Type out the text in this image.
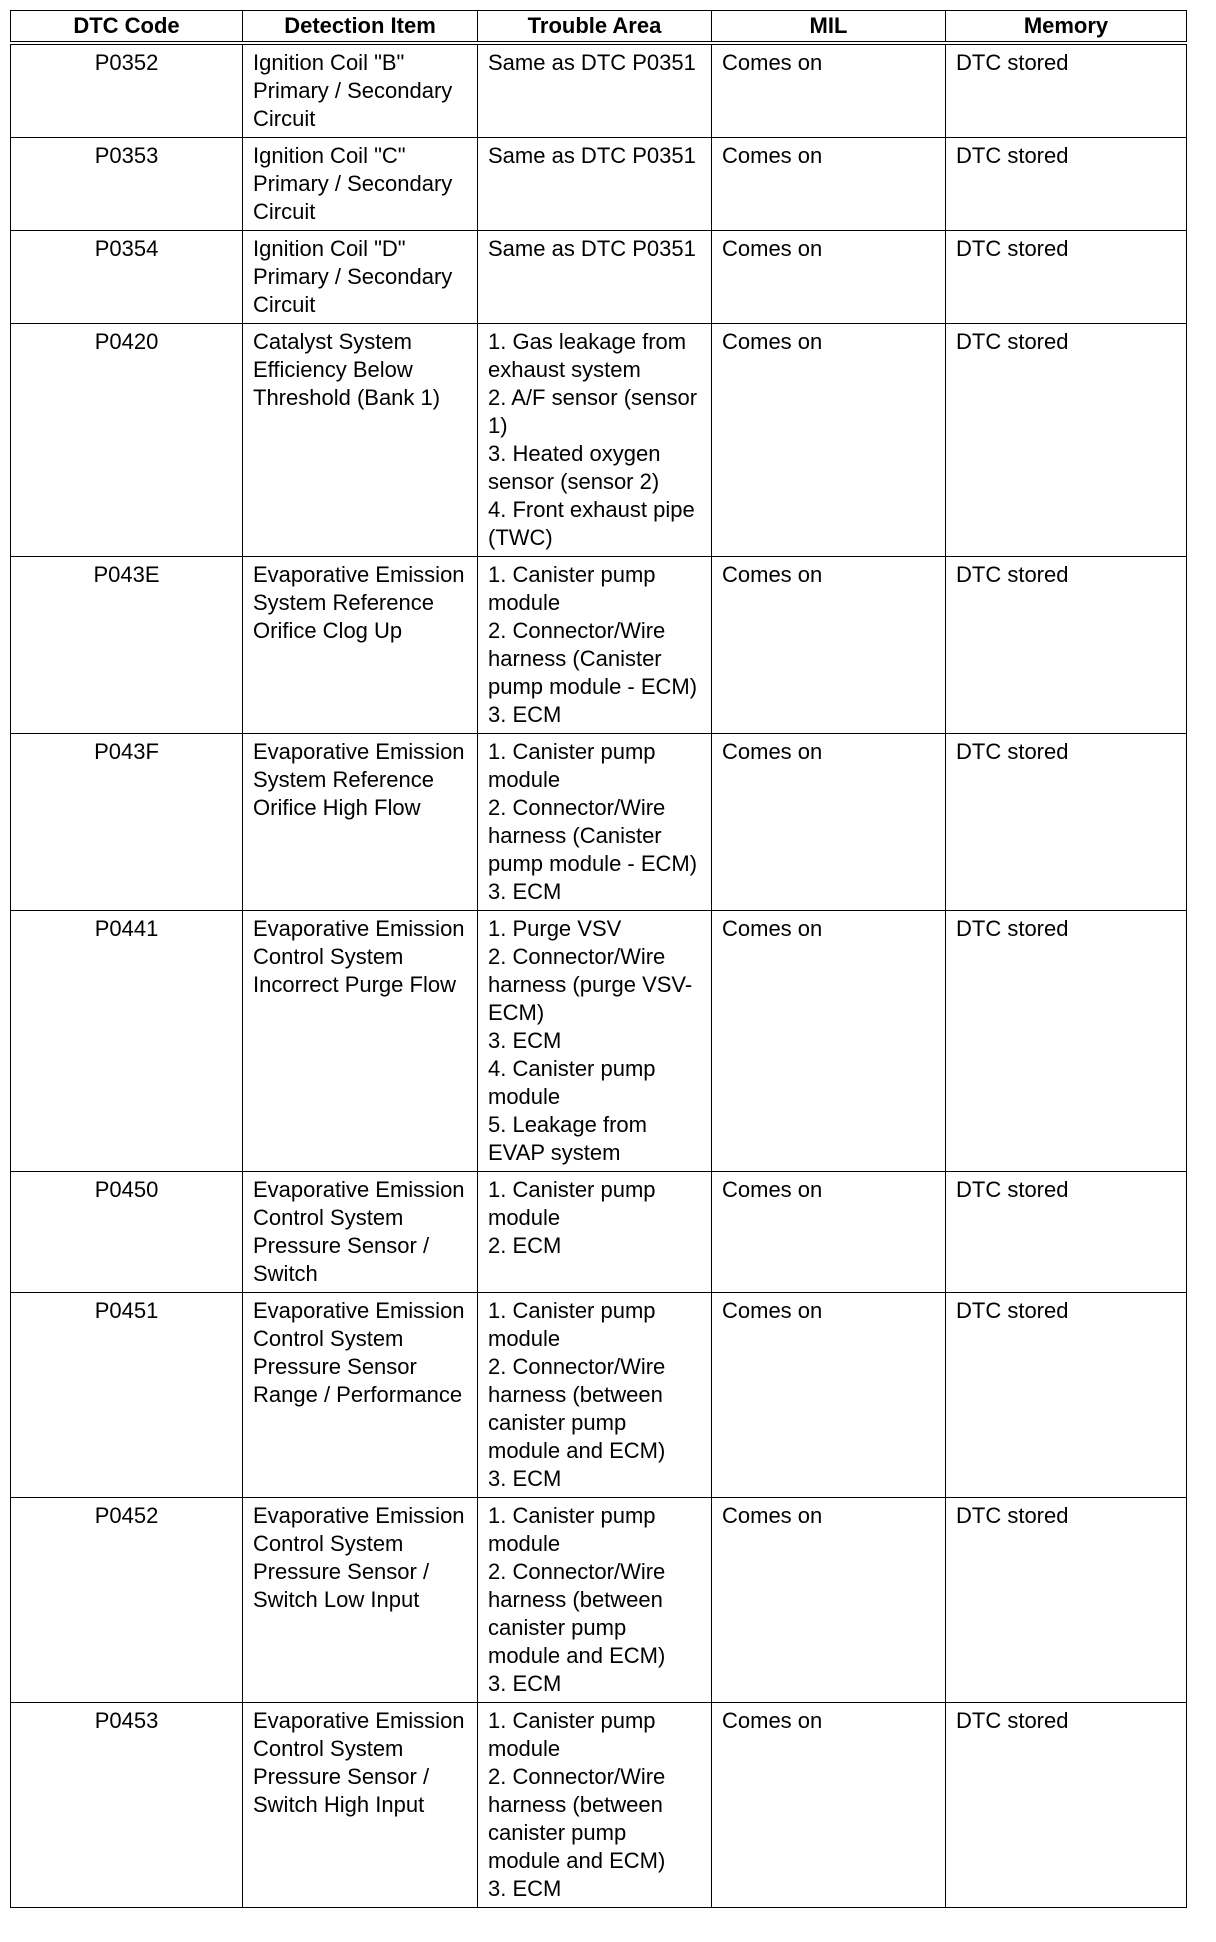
DTC Code	Detection Item	Trouble Area	MIL	Memory
P0352	Ignition Coil "B" Primary / Secondary Circuit	Same as DTC P0351	Comes on	DTC stored
P0353	Ignition Coil "C" Primary / Secondary Circuit	Same as DTC P0351	Comes on	DTC stored
P0354	Ignition Coil "D" Primary / Secondary Circuit	Same as DTC P0351	Comes on	DTC stored
P0420	Catalyst System Efficiency Below Threshold (Bank 1)	1. Gas leakage from exhaust system
2. A/F sensor (sensor 1)
3. Heated oxygen sensor (sensor 2)
4. Front exhaust pipe (TWC)	Comes on	DTC stored
P043E	Evaporative Emission System Reference Orifice Clog Up	1. Canister pump module
2. Connector/Wire harness (Canister pump module - ECM)
3. ECM	Comes on	DTC stored
P043F	Evaporative Emission System Reference Orifice High Flow	1. Canister pump module
2. Connector/Wire harness (Canister pump module - ECM)
3. ECM	Comes on	DTC stored
P0441	Evaporative Emission Control System Incorrect Purge Flow	1. Purge VSV
2. Connector/Wire harness (purge VSV-ECM)
3. ECM
4. Canister pump module
5. Leakage from EVAP system	Comes on	DTC stored
P0450	Evaporative Emission Control System Pressure Sensor / Switch	1. Canister pump module
2. ECM	Comes on	DTC stored
P0451	Evaporative Emission Control System Pressure Sensor Range / Performance	1. Canister pump module
2. Connector/Wire harness (between canister pump module and ECM)
3. ECM	Comes on	DTC stored
P0452	Evaporative Emission Control System Pressure Sensor / Switch Low Input	1. Canister pump module
2. Connector/Wire harness (between canister pump module and ECM)
3. ECM	Comes on	DTC stored
P0453	Evaporative Emission Control System Pressure Sensor / Switch High Input	1. Canister pump module
2. Connector/Wire harness (between canister pump module and ECM)
3. ECM	Comes on	DTC stored
